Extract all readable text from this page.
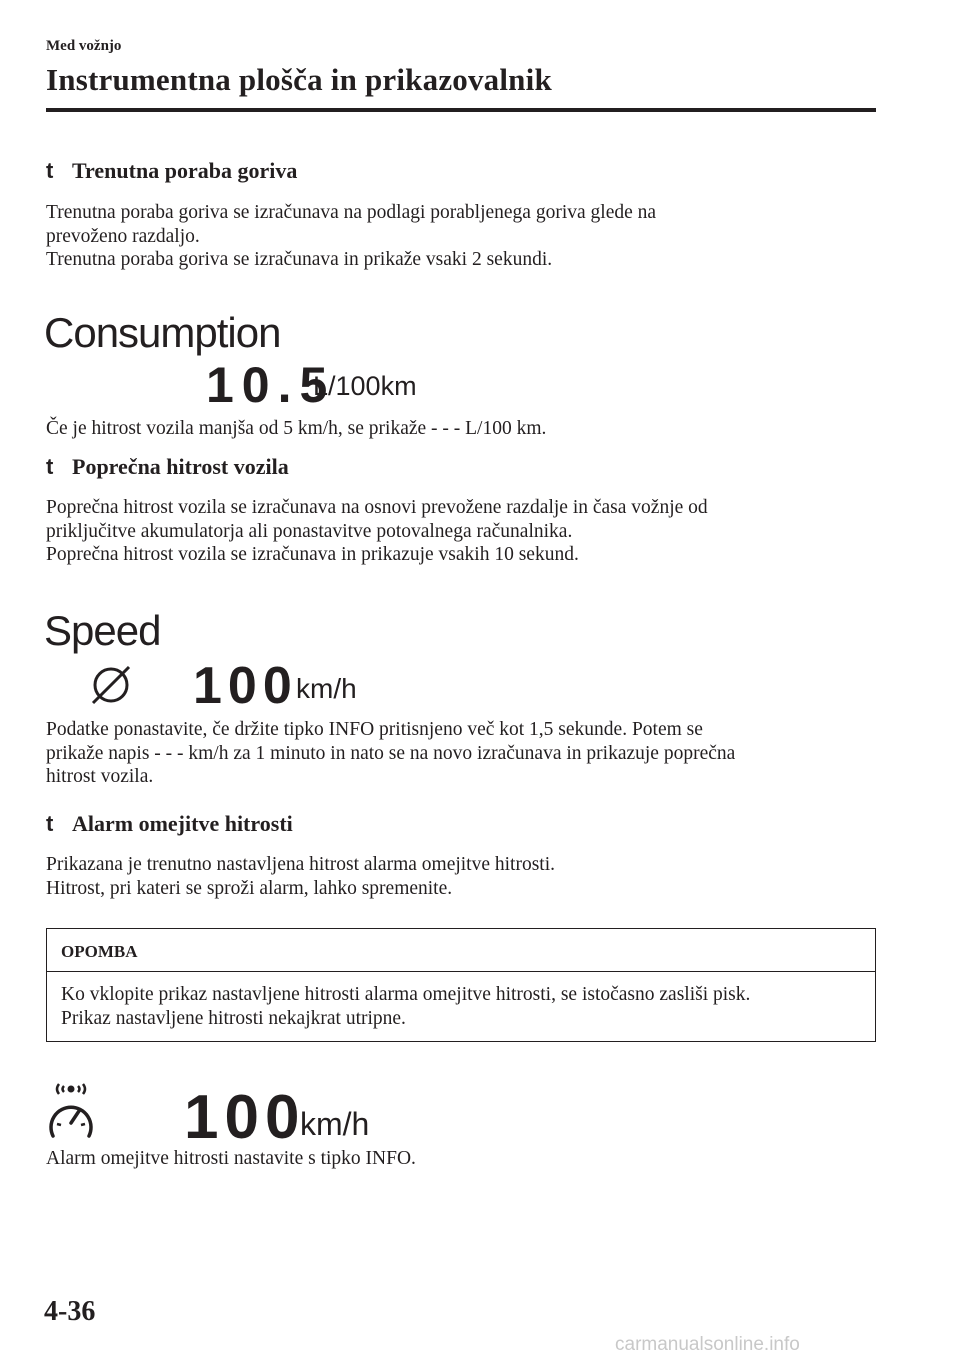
Med vožnjo
Instrumentna plošča in prikazovalnik
t Trenutna poraba goriva

Trenutna poraba goriva se izračunava na podlagi porabljenega goriva glede na

prevoženo razdaljo.

Trenutna poraba goriva se izračunava in prikaže vsaki 2 sekundi.

Consumption
10.5
L/100km
Če je hitrost vozila manjša od 5 km/h, se prikaže - - - L/100 km.
t Poprečna hitrost vozila

Poprečna hitrost vozila se izračunava na osnovi prevožene razdalje in časa vožnje od

priključitve akumulatorja ali ponastavitve potovalnega računalnika.

Poprečna hitrost vozila se izračunava in prikazuje vsakih 10 sekund.

Speed
100
km/h

Podatke ponastavite, če držite tipko INFO pritisnjeno več kot 1,5 sekunde. Potem se

prikaže napis - - - km/h za 1 minuto in nato se na novo izračunava in prikazuje poprečna

hitrost vozila.

t Alarm omejitve hitrosti

Prikazana je trenutno nastavljena hitrost alarma omejitve hitrosti.

Hitrost, pri kateri se sproži alarm, lahko spremenite.

OPOMBA
Ko vklopite prikaz nastavljene hitrosti alarma omejitve hitrosti, se istočasno zasliši pisk.
Prikaz nastavljene hitrosti nekajkrat utripne.
100
km/h
Alarm omejitve hitrosti nastavite s tipko INFO.
4-36
carmanualsonline.info
